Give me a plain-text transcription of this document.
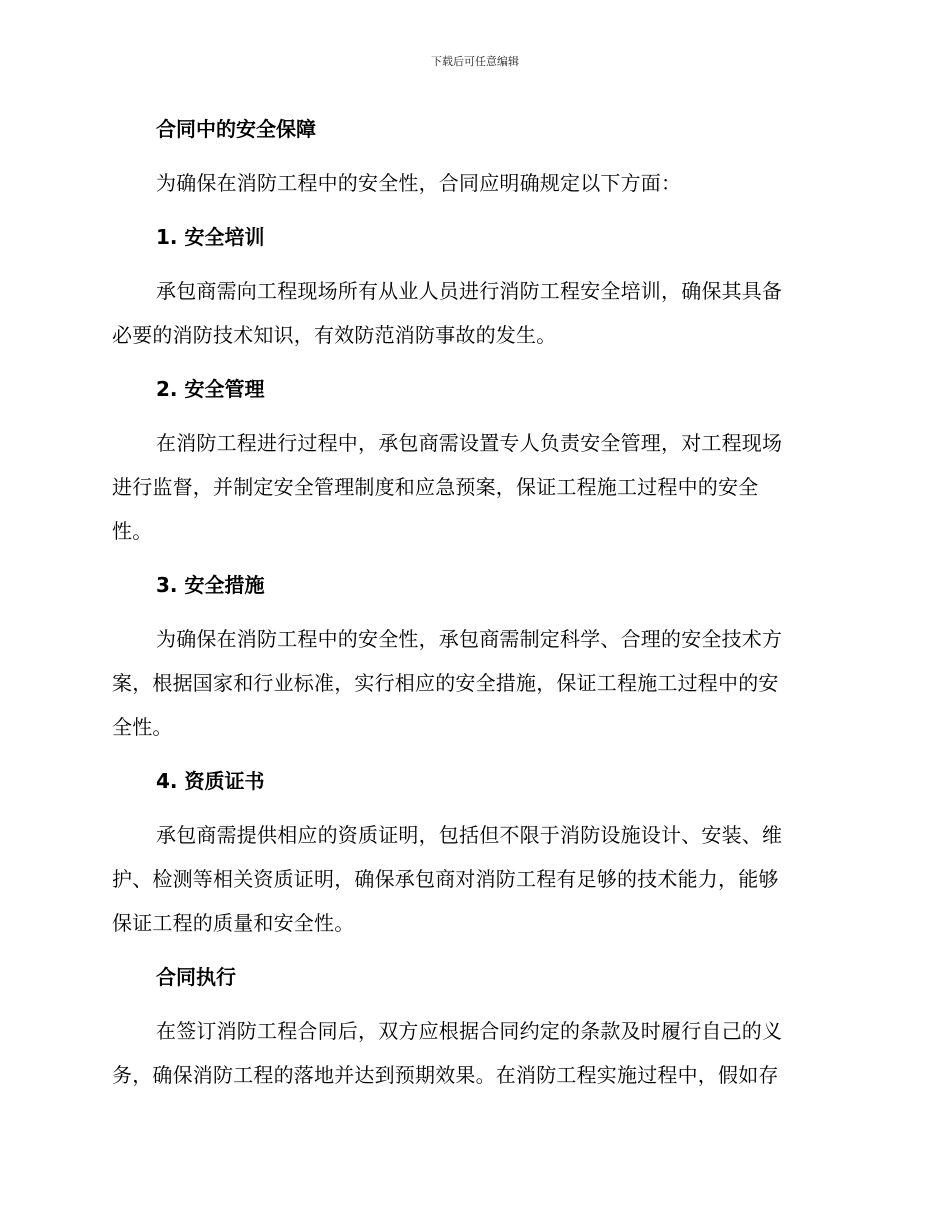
下载后可任意编辑
合同中的安全保障
为确保在消防工程中的安全性，合同应明确规定以下方面：
1. 安全培训
承包商需向工程现场所有从业人员进行消防工程安全培训，确保其具备
必要的消防技术知识，有效防范消防事故的发生。
2. 安全管理
在消防工程进行过程中，承包商需设置专人负责安全管理，对工程现场
进行监督，并制定安全管理制度和应急预案，保证工程施工过程中的安全
性。
3. 安全措施
为确保在消防工程中的安全性，承包商需制定科学、合理的安全技术方
案，根据国家和行业标准，实行相应的安全措施，保证工程施工过程中的安
全性。
4. 资质证书
承包商需提供相应的资质证明，包括但不限于消防设施设计、安装、维
护、检测等相关资质证明，确保承包商对消防工程有足够的技术能力，能够
保证工程的质量和安全性。
合同执行
在签订消防工程合同后，双方应根据合同约定的条款及时履行自己的义
务，确保消防工程的落地并达到预期效果。在消防工程实施过程中，假如存
